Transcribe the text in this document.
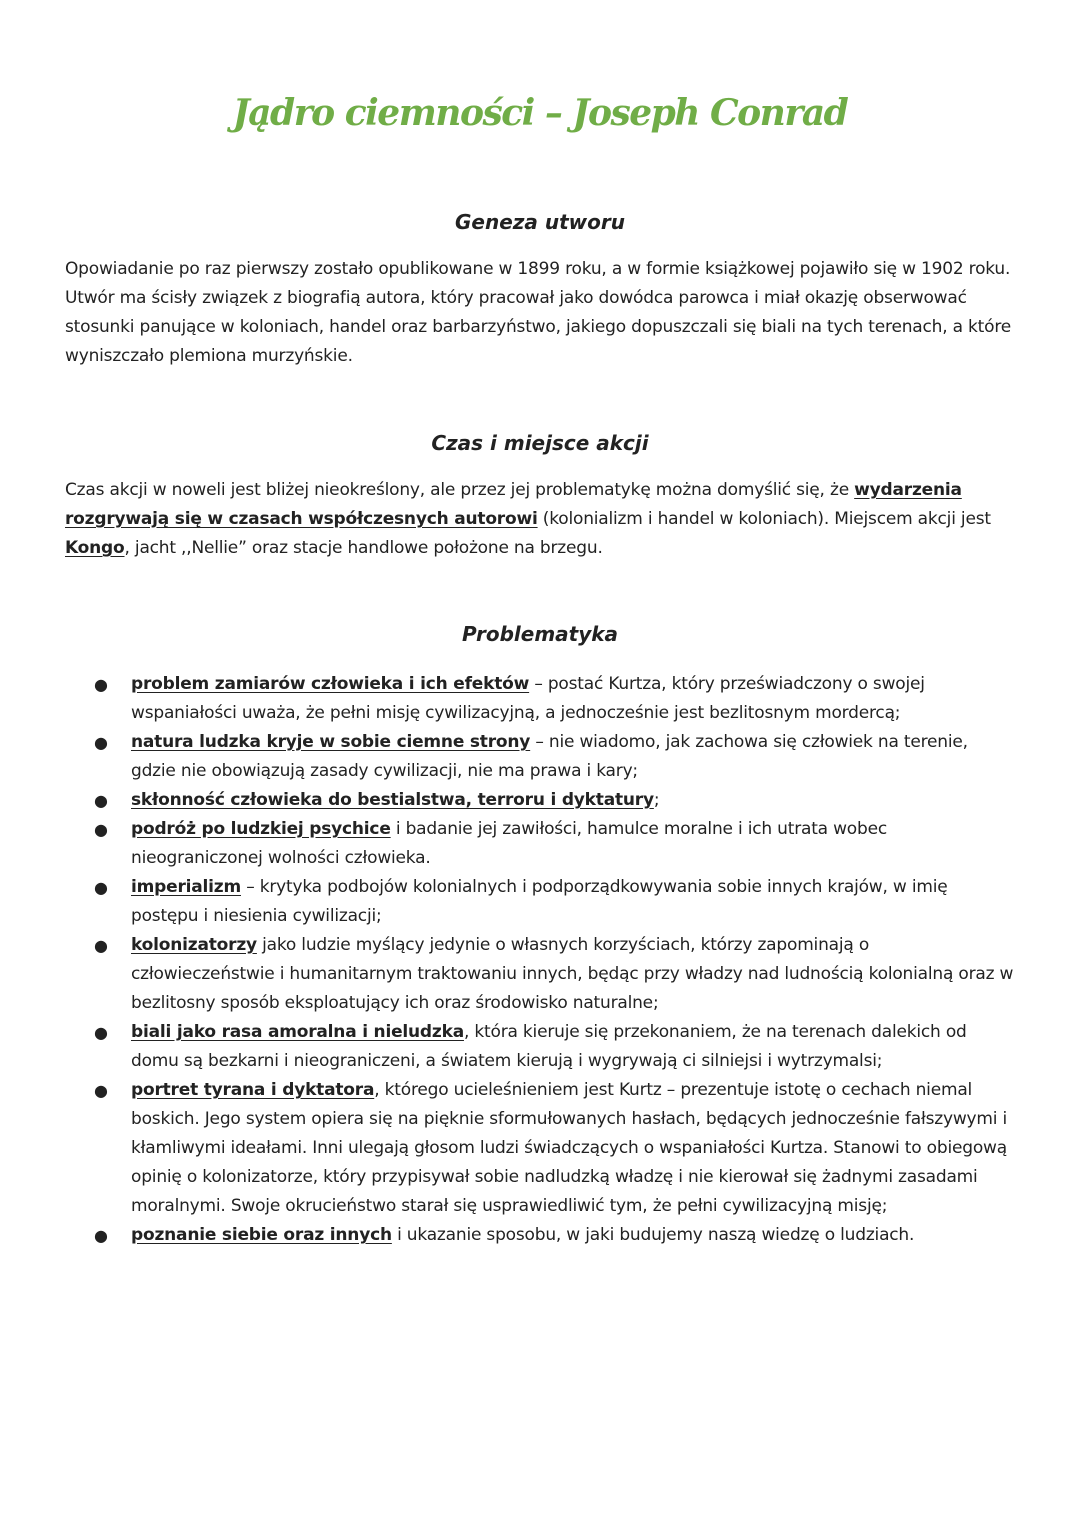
Jądro ciemności – Joseph Conrad
Geneza utworu

Opowiadanie po raz pierwszy zostało opublikowane w 1899 roku, a w formie książkowej pojawiło się w 1902 roku. Utwór ma ścisły związek z biografią autora, który pracował jako dowódca parowca i miał okazję obserwować stosunki panujące w koloniach, handel oraz barbarzyństwo, jakiego dopuszczali się biali na tych terenach, a które wyniszczało plemiona murzyńskie.

Czas i miejsce akcji

Czas akcji w noweli jest bliżej nieokreślony, ale przez jej problematykę można domyślić się, że wydarzenia rozgrywają się w czasach współczesnych autorowi (kolonializm i handel w koloniach). Miejscem akcji jest Kongo, jacht ,,Nellie” oraz stacje handlowe położone na brzegu.

Problematyka
● problem zamiarów człowieka i ich efektów – postać Kurtza, który przeświadczony o swojej wspaniałości uważa, że pełni misję cywilizacyjną, a jednocześnie jest bezlitosnym mordercą;
● natura ludzka kryje w sobie ciemne strony – nie wiadomo, jak zachowa się człowiek na terenie, gdzie nie obowiązują zasady cywilizacji, nie ma prawa i kary;
● skłonność człowieka do bestialstwa, terroru i dyktatury;
● podróż po ludzkiej psychice i badanie jej zawiłości, hamulce moralne i ich utrata wobec nieograniczonej wolności człowieka.
● imperializm – krytyka podbojów kolonialnych i podporządkowywania sobie innych krajów, w imię postępu i niesienia cywilizacji;
● kolonizatorzy jako ludzie myślący jedynie o własnych korzyściach, którzy zapominają o człowieczeństwie i humanitarnym traktowaniu innych, będąc przy władzy nad ludnością kolonialną oraz w bezlitosny sposób eksploatujący ich oraz środowisko naturalne;
● biali jako rasa amoralna i nieludzka, która kieruje się przekonaniem, że na terenach dalekich od domu są bezkarni i nieograniczeni, a światem kierują i wygrywają ci silniejsi i wytrzymalsi;
● portret tyrana i dyktatora, którego ucieleśnieniem jest Kurtz – prezentuje istotę o cechach niemal boskich. Jego system opiera się na pięknie sformułowanych hasłach, będących jednocześnie fałszywymi i kłamliwymi ideałami. Inni ulegają głosom ludzi świadczących o wspaniałości Kurtza. Stanowi to obiegową opinię o kolonizatorze, który przypisywał sobie nadludzką władzę i nie kierował się żadnymi zasadami moralnymi. Swoje okrucieństwo starał się usprawiedliwić tym, że pełni cywilizacyjną misję;
● poznanie siebie oraz innych i ukazanie sposobu, w jaki budujemy naszą wiedzę o ludziach.
